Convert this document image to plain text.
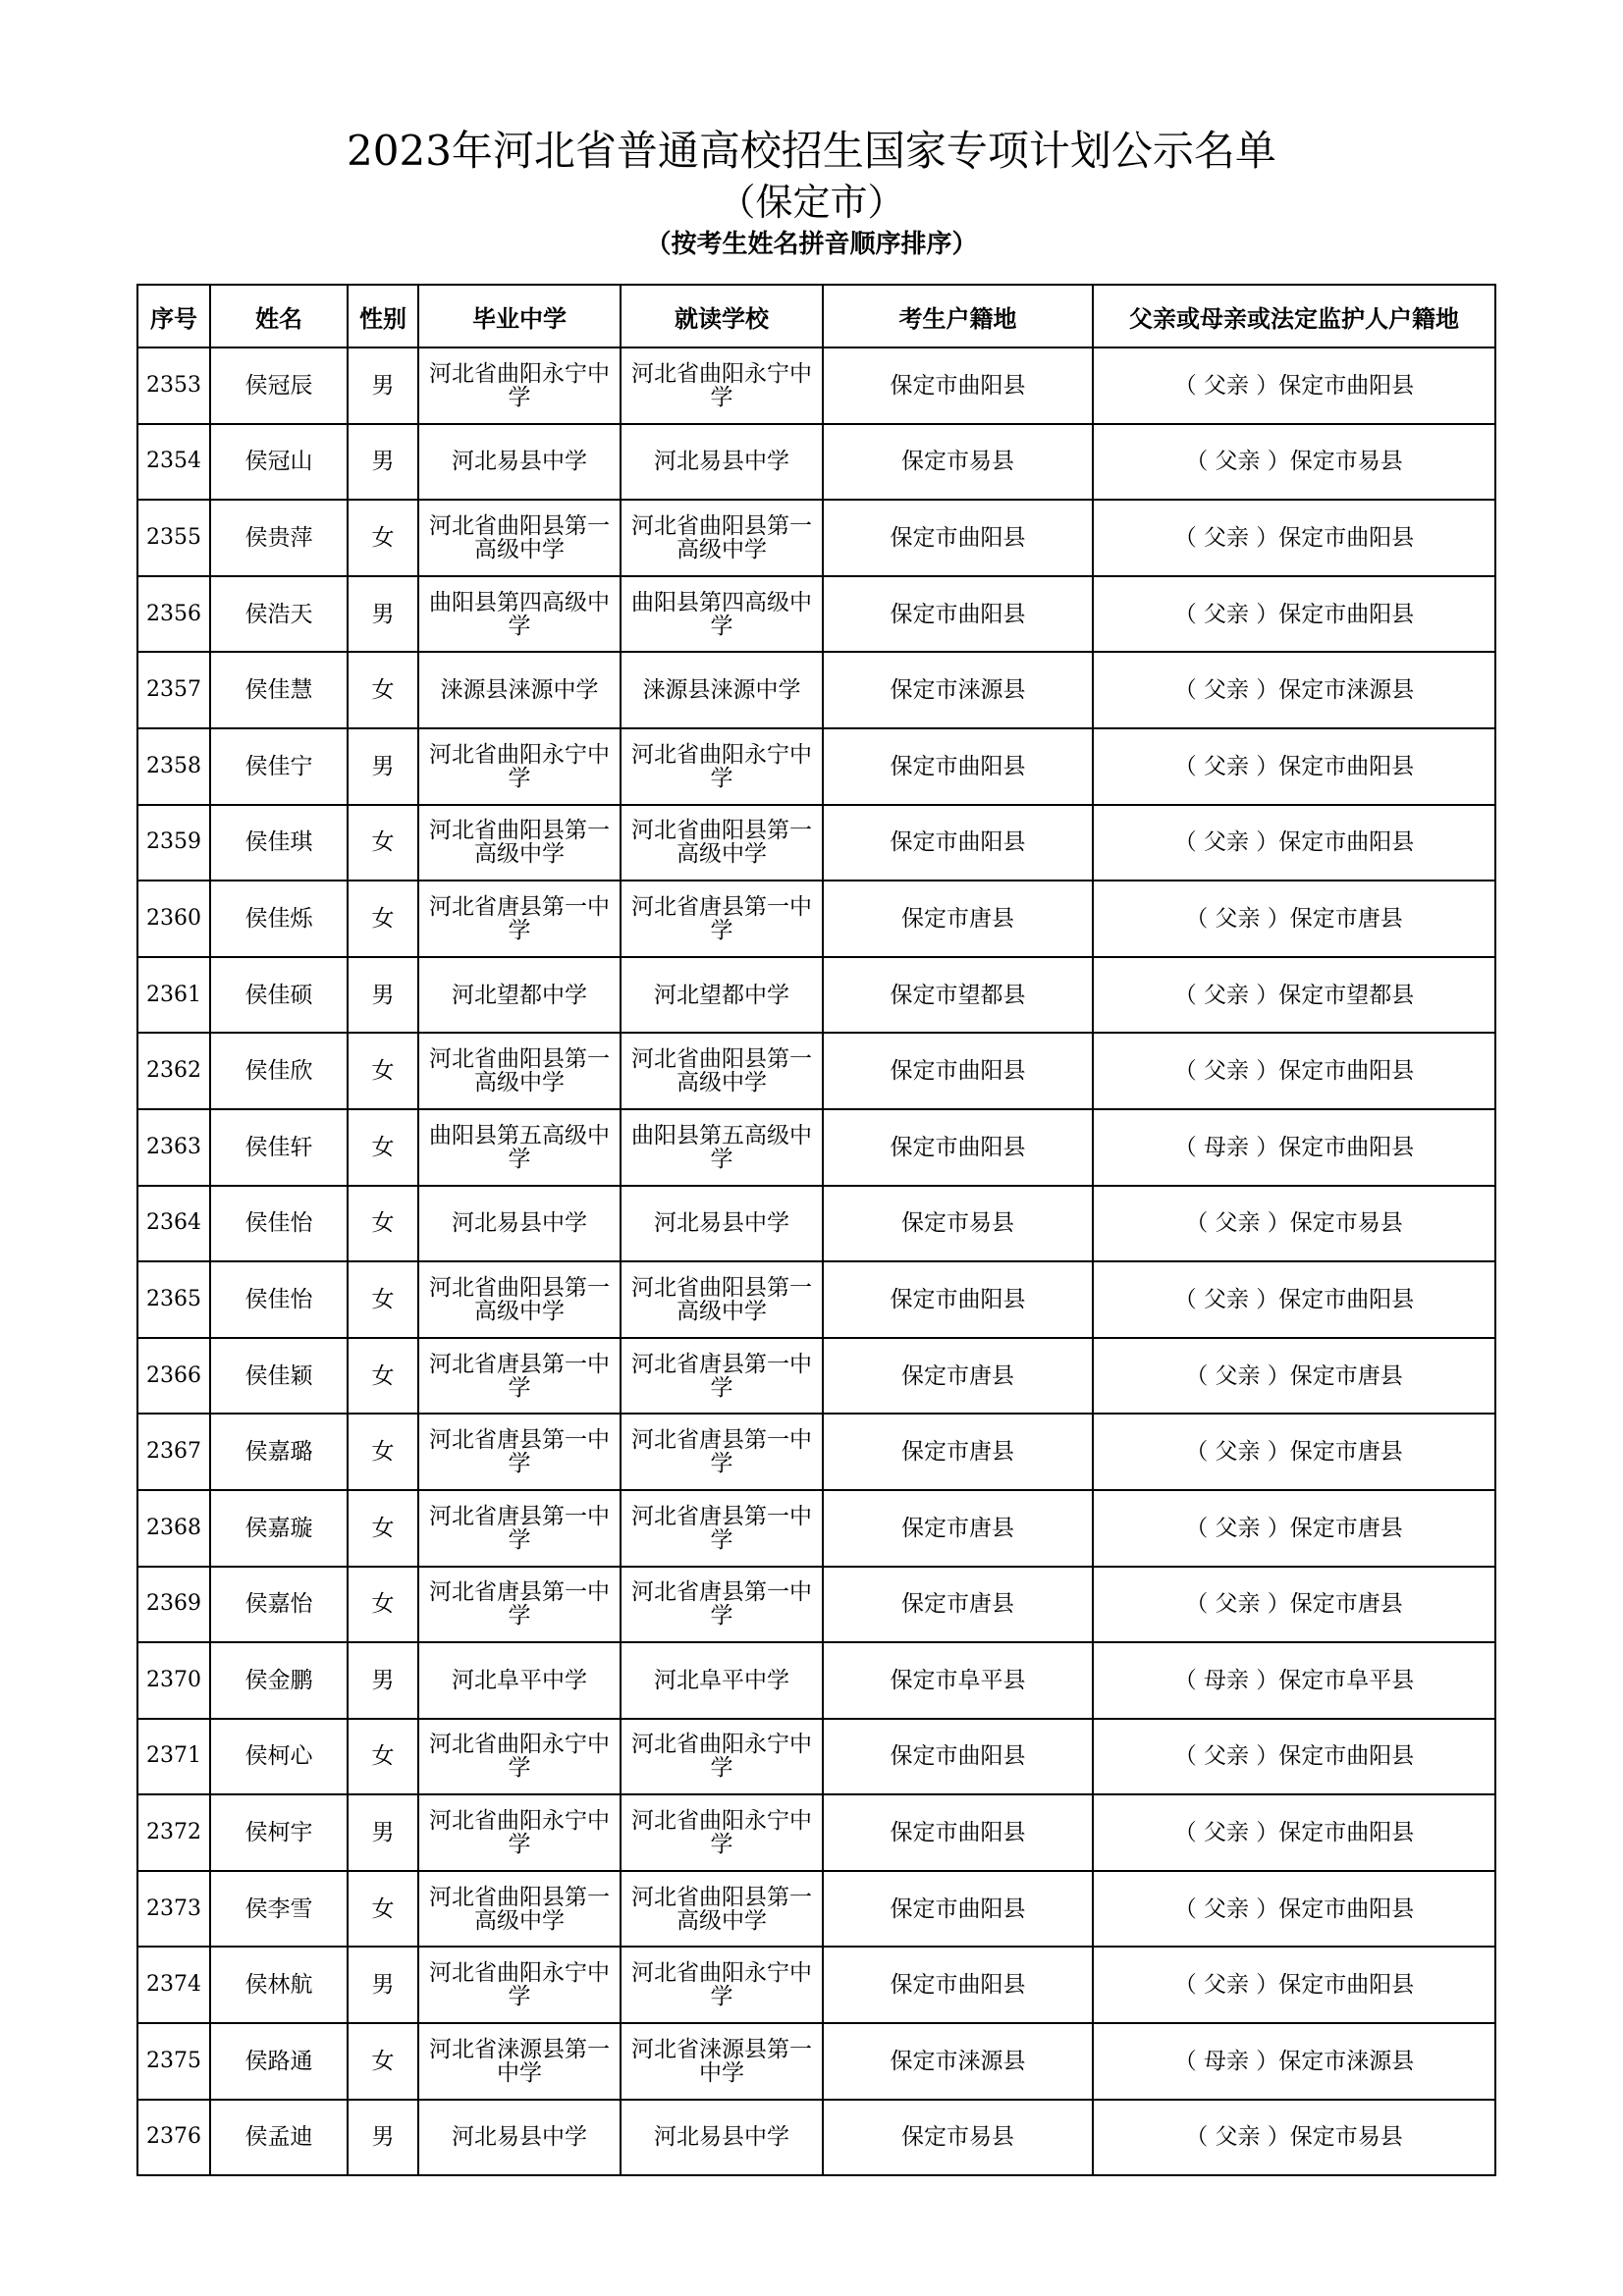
2023年河北省普通高校招生国家专项计划公示名单
（保定市）
（按考生姓名拼音顺序排序）
序号	姓名	性别	毕业中学	就读学校	考生户籍地	父亲或母亲或法定监护人户籍地
2353	侯冠辰	男	河北省曲阳永宁中学	河北省曲阳永宁中学	保定市曲阳县	（ 父亲 ）保定市曲阳县
2354	侯冠山	男	河北易县中学	河北易县中学	保定市易县	（ 父亲 ）保定市易县
2355	侯贵萍	女	河北省曲阳县第一高级中学	河北省曲阳县第一高级中学	保定市曲阳县	（ 父亲 ）保定市曲阳县
2356	侯浩天	男	曲阳县第四高级中学	曲阳县第四高级中学	保定市曲阳县	（ 父亲 ）保定市曲阳县
2357	侯佳慧	女	涞源县涞源中学	涞源县涞源中学	保定市涞源县	（ 父亲 ）保定市涞源县
2358	侯佳宁	男	河北省曲阳永宁中学	河北省曲阳永宁中学	保定市曲阳县	（ 父亲 ）保定市曲阳县
2359	侯佳琪	女	河北省曲阳县第一高级中学	河北省曲阳县第一高级中学	保定市曲阳县	（ 父亲 ）保定市曲阳县
2360	侯佳烁	女	河北省唐县第一中学	河北省唐县第一中学	保定市唐县	（ 父亲 ）保定市唐县
2361	侯佳硕	男	河北望都中学	河北望都中学	保定市望都县	（ 父亲 ）保定市望都县
2362	侯佳欣	女	河北省曲阳县第一高级中学	河北省曲阳县第一高级中学	保定市曲阳县	（ 父亲 ）保定市曲阳县
2363	侯佳轩	女	曲阳县第五高级中学	曲阳县第五高级中学	保定市曲阳县	（ 母亲 ）保定市曲阳县
2364	侯佳怡	女	河北易县中学	河北易县中学	保定市易县	（ 父亲 ）保定市易县
2365	侯佳怡	女	河北省曲阳县第一高级中学	河北省曲阳县第一高级中学	保定市曲阳县	（ 父亲 ）保定市曲阳县
2366	侯佳颖	女	河北省唐县第一中学	河北省唐县第一中学	保定市唐县	（ 父亲 ）保定市唐县
2367	侯嘉璐	女	河北省唐县第一中学	河北省唐县第一中学	保定市唐县	（ 父亲 ）保定市唐县
2368	侯嘉璇	女	河北省唐县第一中学	河北省唐县第一中学	保定市唐县	（ 父亲 ）保定市唐县
2369	侯嘉怡	女	河北省唐县第一中学	河北省唐县第一中学	保定市唐县	（ 父亲 ）保定市唐县
2370	侯金鹏	男	河北阜平中学	河北阜平中学	保定市阜平县	（ 母亲 ）保定市阜平县
2371	侯柯心	女	河北省曲阳永宁中学	河北省曲阳永宁中学	保定市曲阳县	（ 父亲 ）保定市曲阳县
2372	侯柯宇	男	河北省曲阳永宁中学	河北省曲阳永宁中学	保定市曲阳县	（ 父亲 ）保定市曲阳县
2373	侯李雪	女	河北省曲阳县第一高级中学	河北省曲阳县第一高级中学	保定市曲阳县	（ 父亲 ）保定市曲阳县
2374	侯林航	男	河北省曲阳永宁中学	河北省曲阳永宁中学	保定市曲阳县	（ 父亲 ）保定市曲阳县
2375	侯路通	女	河北省涞源县第一中学	河北省涞源县第一中学	保定市涞源县	（ 母亲 ）保定市涞源县
2376	侯孟迪	男	河北易县中学	河北易县中学	保定市易县	（ 父亲 ）保定市易县
